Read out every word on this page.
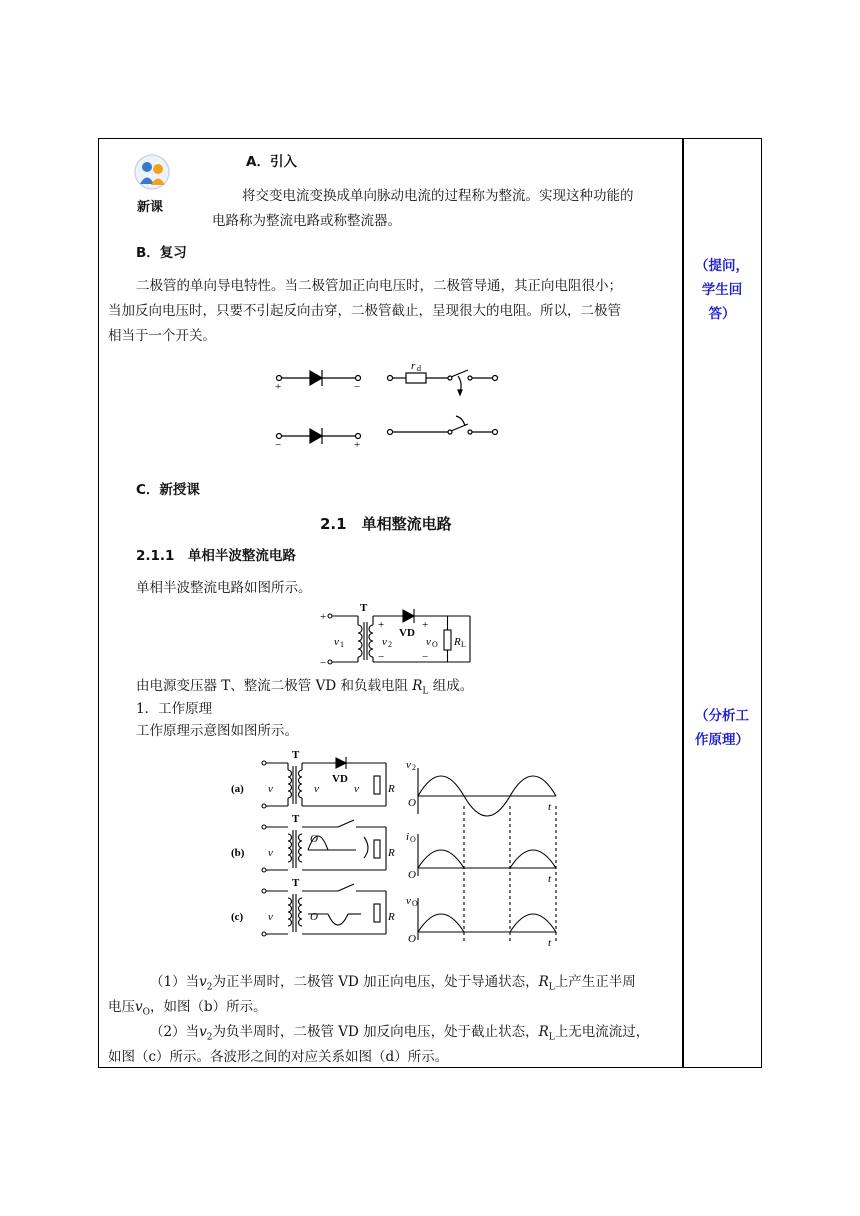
新课
A．引入
将交变电流变换成单向脉动电流的过程称为整流。实现这种功能的
电路称为整流电路或称整流器。
B．复习
二极管的单向导电特性。当二极管加正向电压时，二极管导通，其正向电阻很小；
当加反向电压时，只要不引起反向击穿，二极管截止，呈现很大的电阻。所以，二极管
相当于一个开关。
+	−
−	+
r d
C．新授课
2.1　单相整流电路
2.1.1　单相半波整流电路
单相半波整流电路如图所示。
+
−
T
VD
+
−
+
−
v 1	v 2	v O R L
由电源变压器 T、整流二极管 VD 和负载电阻 $R_L$ 组成。
1．工作原理
工作原理示意图如图所示。
(a)
(b)
(c)
T
T
T
VD
v
v
v
v	v	R
R
R
O
O
v
i
v
2
O
O
O
O
O
t
t
t
（1）当$v_2$为正半周时，二极管 VD 加正向电压，处于导通状态，$R_L$上产生正半周
电压$v_O$，如图（b）所示。
（2）当$v_2$为负半周时，二极管 VD 加反向电压，处于截止状态，$R_L$上无电流流过，
如图（c）所示。各波形之间的对应关系如图（d）所示。
（提问，
学生回
答）
（分析工
作原理）
